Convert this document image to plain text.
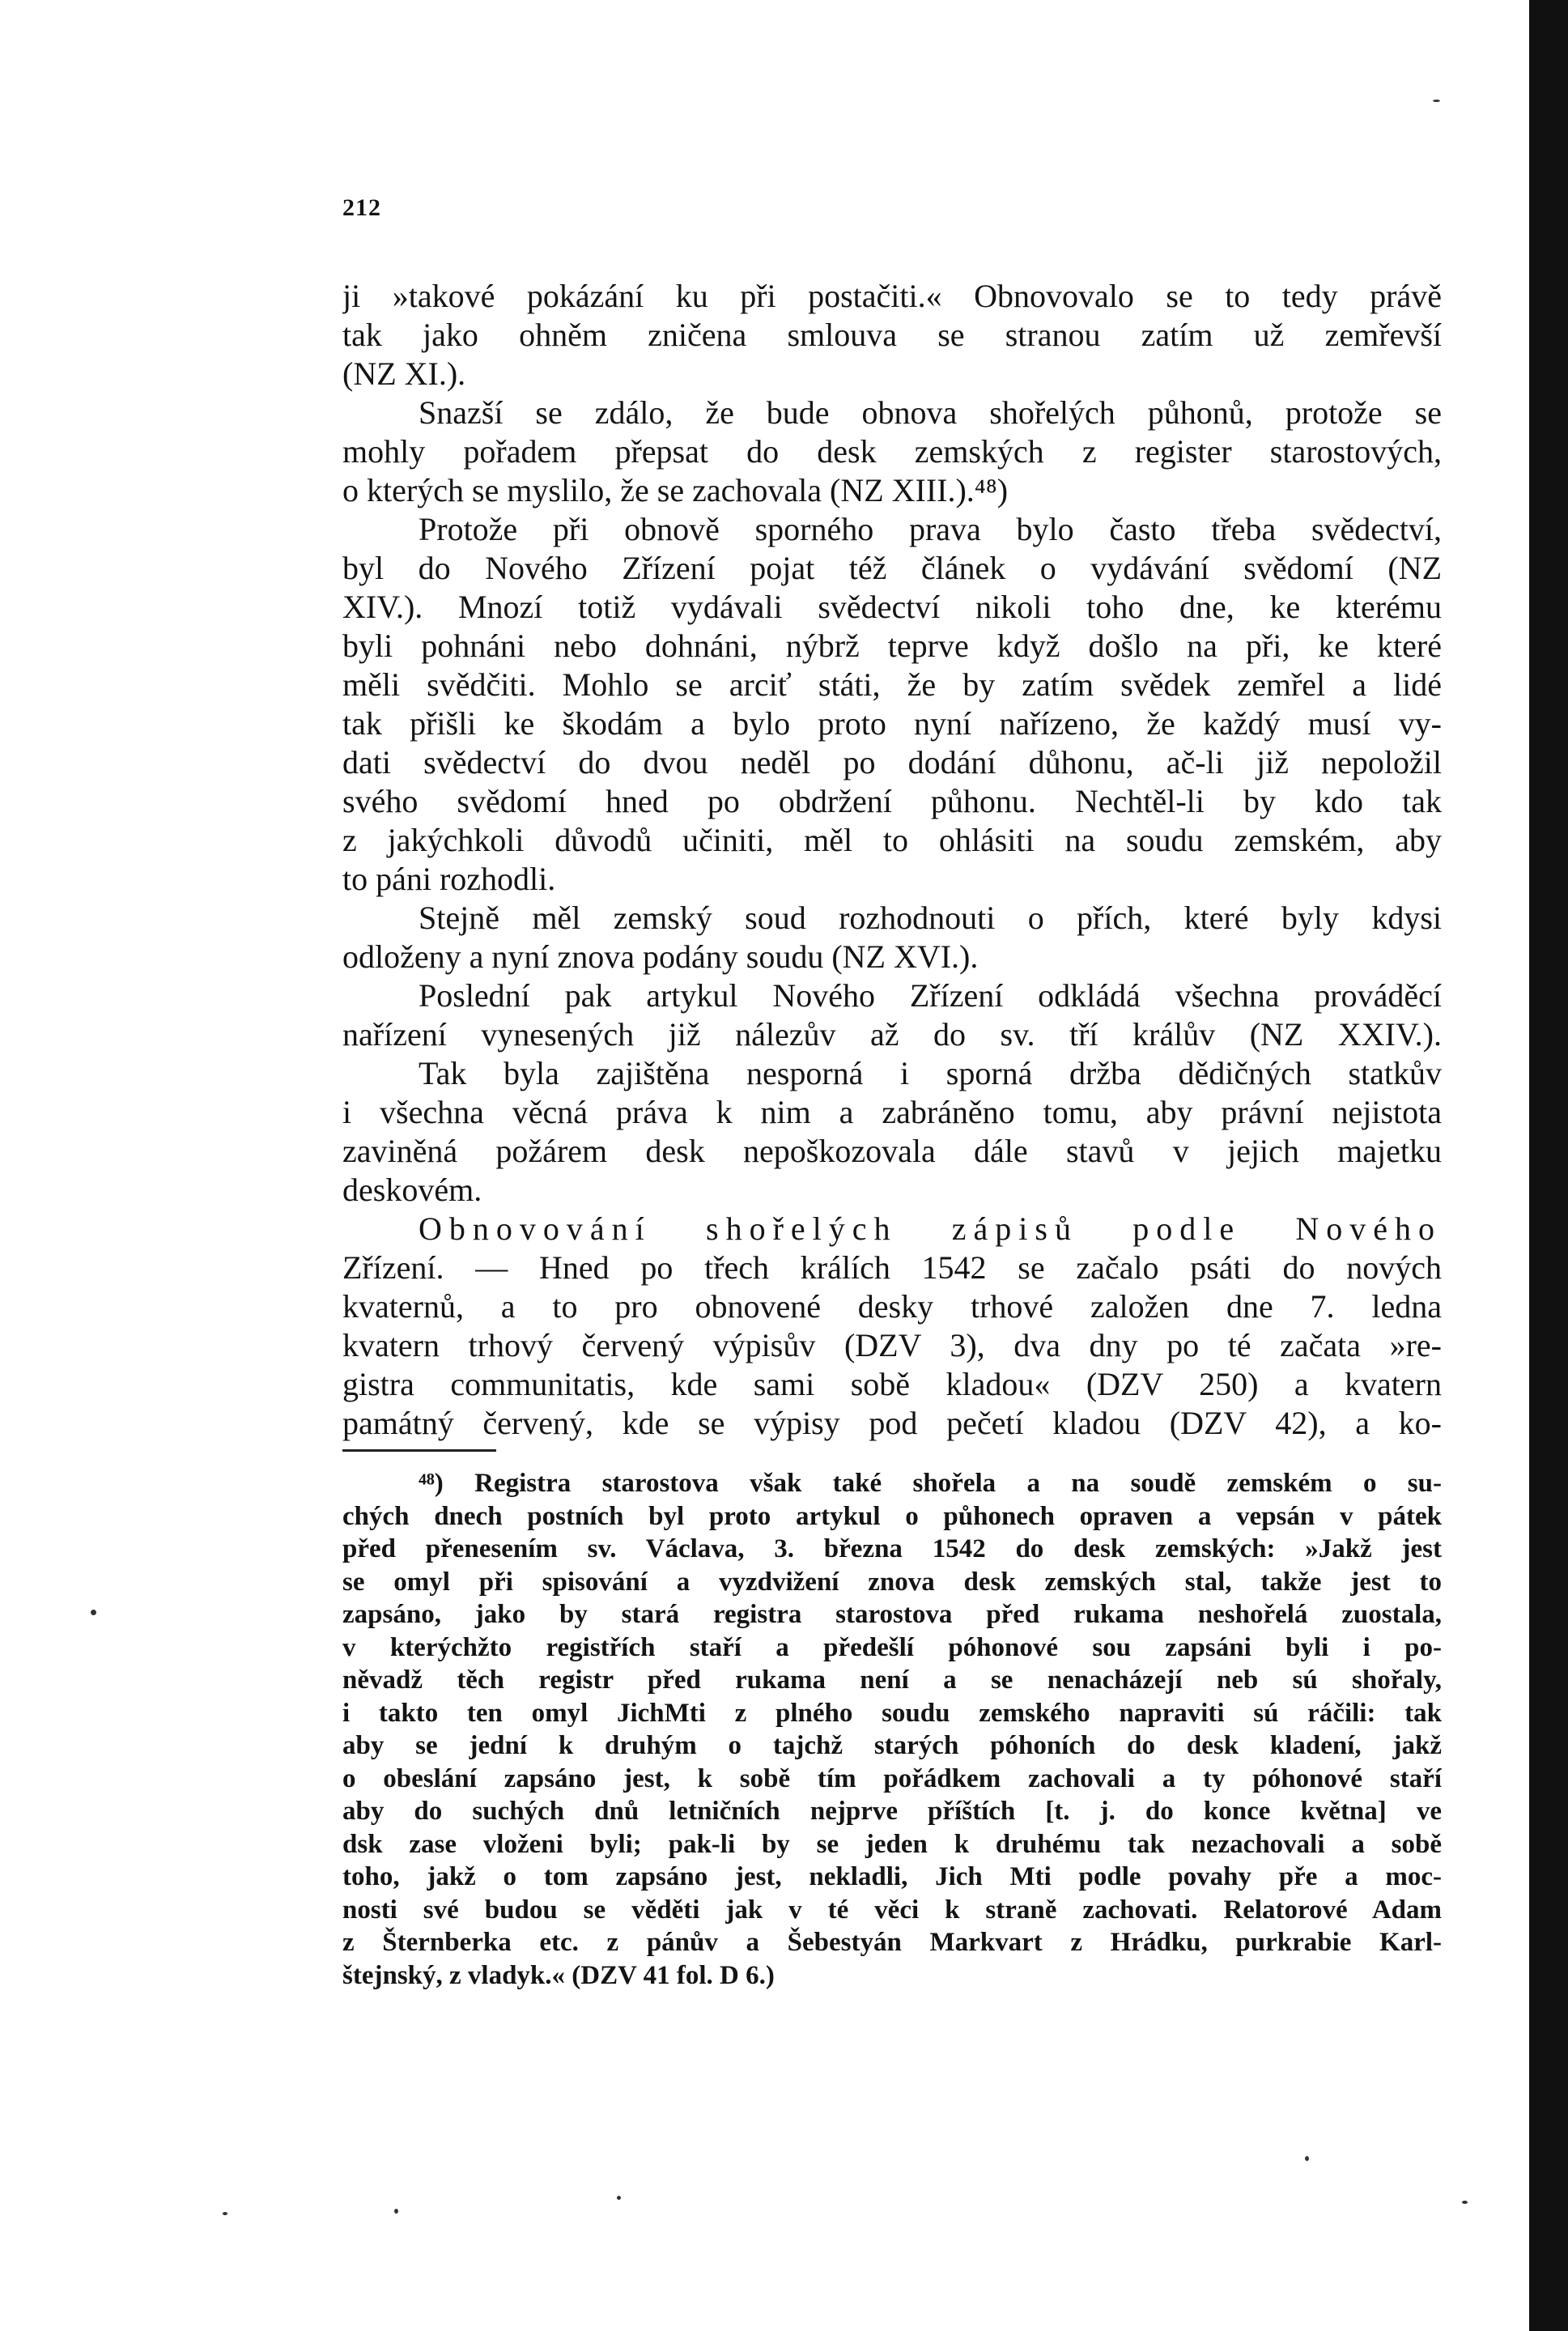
212
ji »takové pokázání ku při postačiti.« Obnovovalo se to tedy právě
tak jako ohněm zničena smlouva se stranou zatím už zemřevší
(NZ XI.).
Snazší se zdálo, že bude obnova shořelých půhonů, protože se
mohly pořadem přepsat do desk zemských z register starostových,
o kterých se myslilo, že se zachovala (NZ XIII.).⁴⁸)
Protože při obnově sporného prava bylo často třeba svědectví,
byl do Nového Zřízení pojat též článek o vydávání svědomí (NZ
XIV.). Mnozí totiž vydávali svědectví nikoli toho dne, ke kterému
byli pohnáni nebo dohnáni, nýbrž teprve když došlo na při, ke které
měli svědčiti. Mohlo se arciť státi, že by zatím svědek zemřel a lidé
tak přišli ke škodám a bylo proto nyní nařízeno, že každý musí vy-
dati svědectví do dvou neděl po dodání důhonu, ač-li již nepoložil
svého svědomí hned po obdržení půhonu. Nechtěl-li by kdo tak
z jakýchkoli důvodů učiniti, měl to ohlásiti na soudu zemském, aby
to páni rozhodli.
Stejně měl zemský soud rozhodnouti o přích, které byly kdysi
odloženy a nyní znova podány soudu (NZ XVI.).
Poslední pak artykul Nového Zřízení odkládá všechna prováděcí
nařízení vynesených již nálezův až do sv. tří králův (NZ XXIV.).
Tak byla zajištěna nesporná i sporná držba dědičných statkův
i všechna věcná práva k nim a zabráněno tomu, aby právní nejistota
zaviněná požárem desk nepoškozovala dále stavů v jejich majetku
deskovém.
Obnovování shořelých zápisů podle Nového
Zřízení. — Hned po třech králích 1542 se začalo psáti do nových
kvaternů, a to pro obnovené desky trhové založen dne 7. ledna
kvatern trhový červený výpisův (DZV 3), dva dny po té začata »re-
gistra communitatis, kde sami sobě kladou« (DZV 250) a kvatern
památný červený, kde se výpisy pod pečetí kladou (DZV 42), a ko-
⁴⁸) Registra starostova však také shořela a na soudě zemském o su-
chých dnech postních byl proto artykul o půhonech opraven a vepsán v pátek
před přenesením sv. Václava, 3. března 1542 do desk zemských: »Jakž jest
se omyl při spisování a vyzdvižení znova desk zemských stal, takže jest to
zapsáno, jako by stará registra starostova před rukama neshořelá zuostala,
v kterýchžto registřích staří a předešlí póhonové sou zapsáni byli i po-
něvadž těch registr před rukama není a se nenacházejí neb sú shořaly,
i takto ten omyl JichMti z plného soudu zemského napraviti sú ráčili: tak
aby se jední k druhým o tajchž starých póhoních do desk kladení, jakž
o obeslání zapsáno jest, k sobě tím pořádkem zachovali a ty póhonové staří
aby do suchých dnů letničních nejprve příštích [t. j. do konce května] ve
dsk zase vloženi byli; pak-li by se jeden k druhému tak nezachovali a sobě
toho, jakž o tom zapsáno jest, nekladli, Jich Mti podle povahy pře a moc-
nosti své budou se věděti jak v té věci k straně zachovati. Relatorové Adam
z Šternberka etc. z pánův a Šebestyán Markvart z Hrádku, purkrabie Karl-
štejnský, z vladyk.« (DZV 41 fol. D 6.)
